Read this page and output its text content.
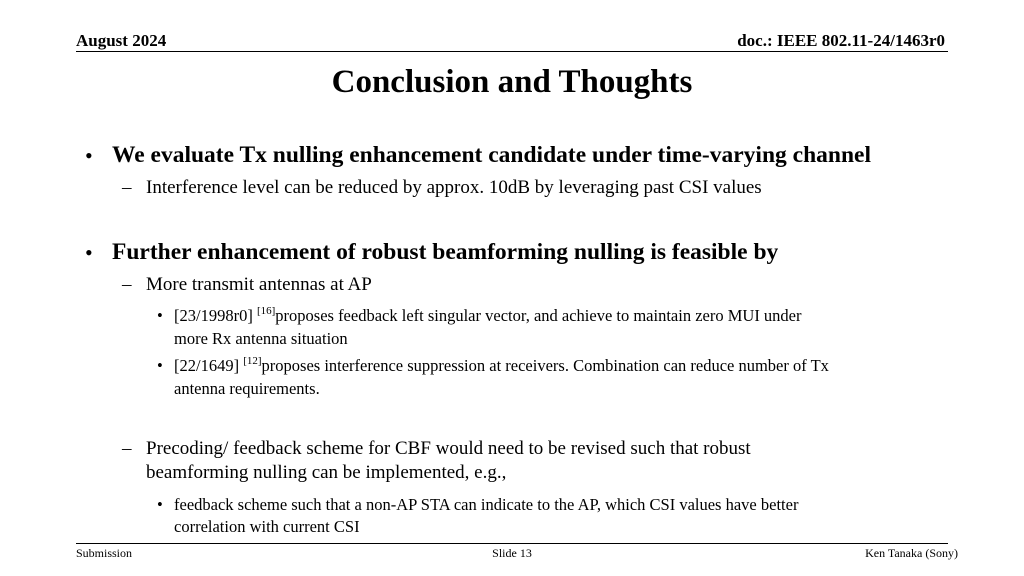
August 2024	doc.: IEEE 802.11-24/1463r0
Conclusion and Thoughts
• We evaluate Tx nulling enhancement candidate under time-varying channel
– Interference level can be reduced by approx. 10dB by leveraging past CSI values
• Further enhancement of robust beamforming nulling is feasible by
– More transmit antennas at AP
• [23/1998r0] [16]proposes feedback left singular vector, and achieve to maintain zero MUI under
more Rx antenna situation
• [22/1649] [12]proposes interference suppression at receivers. Combination can reduce number of Tx
antenna requirements.
– Precoding/ feedback scheme for CBF would need to be revised such that robust
beamforming nulling can be implemented, e.g.,
• feedback scheme such that a non-AP STA can indicate to the AP, which CSI values have better
correlation with current CSI
Submission	Slide 13	Ken Tanaka (Sony)
